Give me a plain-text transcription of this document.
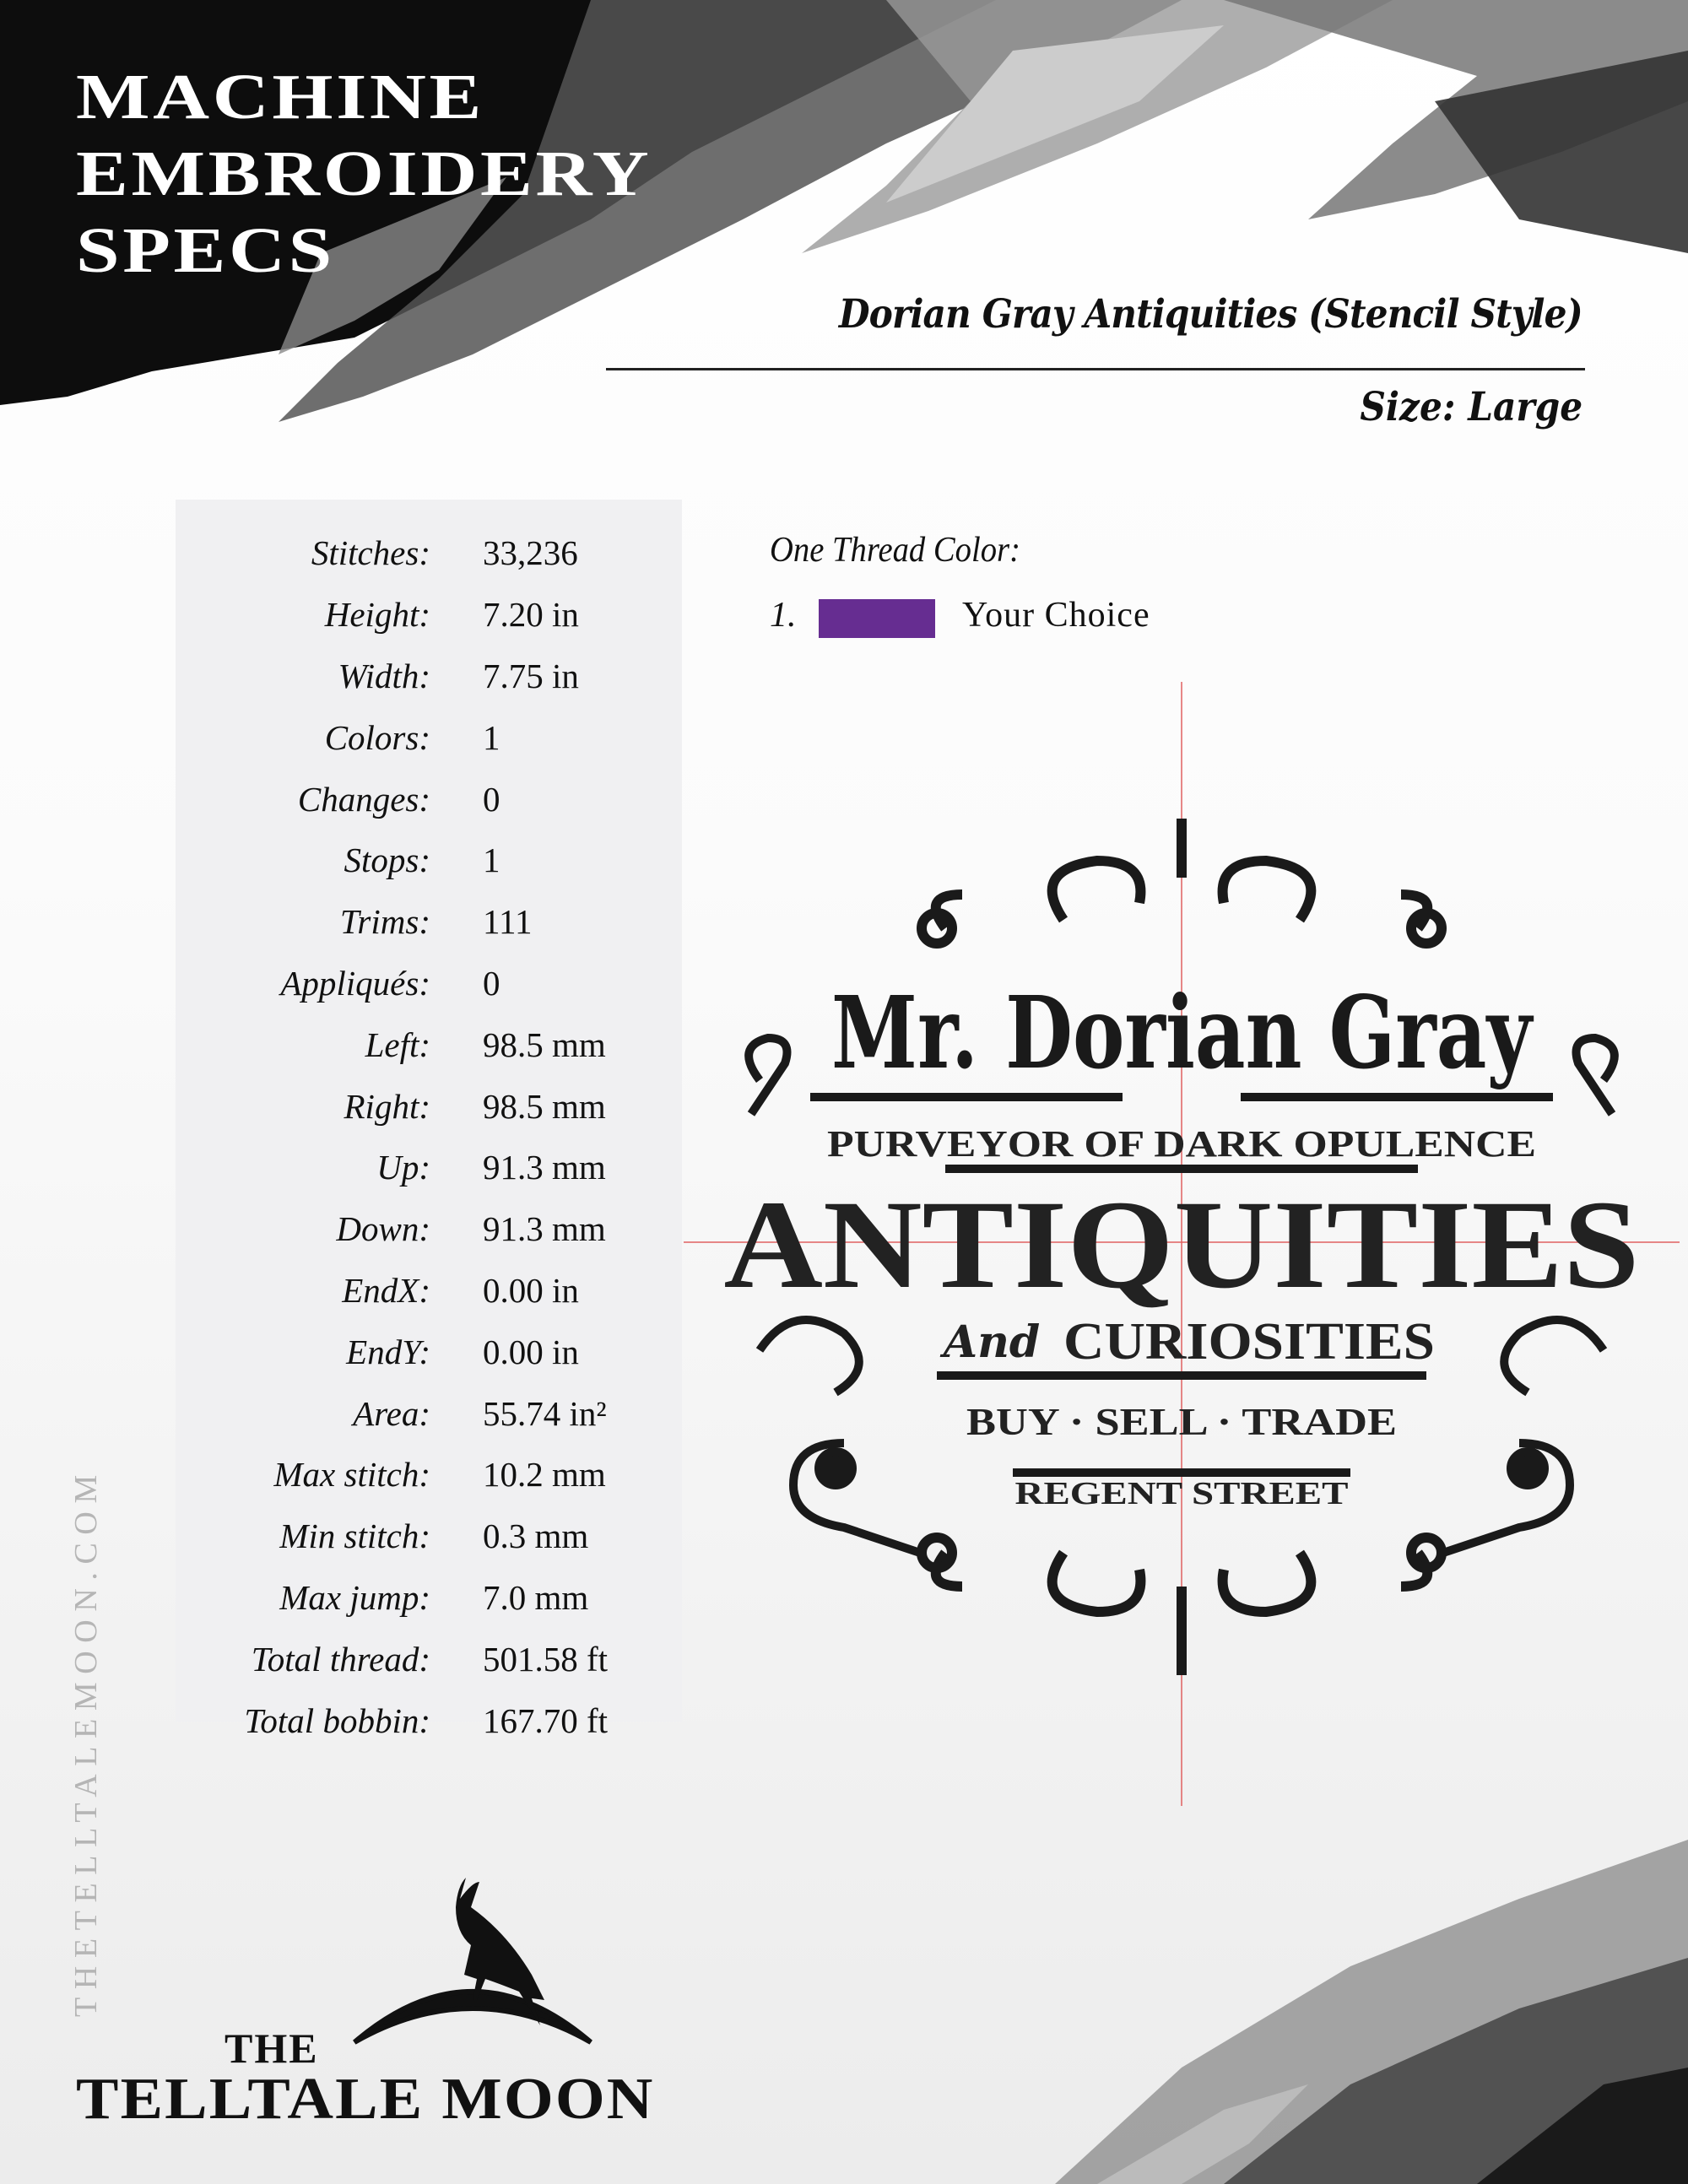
MACHINE
EMBROIDERY
SPECS
Dorian Gray Antiquities (Stencil Style)
Size: Large
Stitches: 33,236
Height: 7.20 in
Width: 7.75 in
Colors: 1
Changes: 0
Stops: 1
Trims: 111
Appliqués: 0
Left: 98.5 mm
Right: 98.5 mm
Up: 91.3 mm
Down: 91.3 mm
EndX: 0.00 in
EndY: 0.00 in
Area: 55.74 in²
Max stitch: 10.2 mm
Min stitch: 0.3 mm
Max jump: 7.0 mm
Total thread: 501.58 ft
Total bobbin: 167.70 ft
One Thread Color:
1.	Your Choice
Mr. Dorian Gray
PURVEYOR OF DARK OPULENCE
ANTIQUITIES
And CURIOSITIES
BUY · SELL · TRADE
REGENT STREET
THETELLTALEMOON.COM
THE
TELLTALE MOON
